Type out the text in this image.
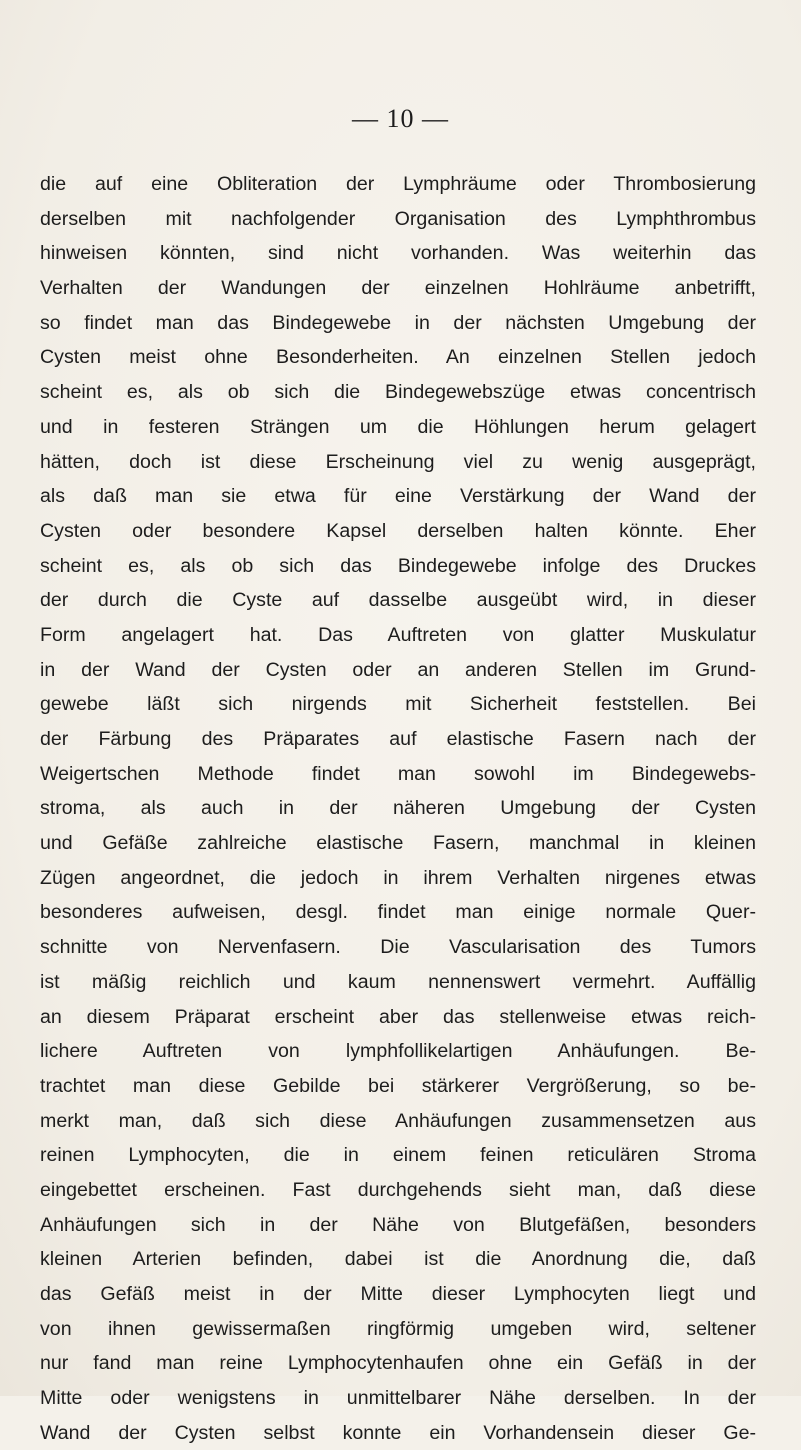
— 10 —
die auf eine Obliteration der Lymphräume oder Thrombosierung
derselben mit nachfolgender Organisation des Lymphthrombus
hinweisen könnten, sind nicht vorhanden. Was weiterhin das
Verhalten der Wandungen der einzelnen Hohlräume anbetrifft,
so findet man das Bindegewebe in der nächsten Umgebung der
Cysten meist ohne Besonderheiten. An einzelnen Stellen jedoch
scheint es, als ob sich die Bindegewebszüge etwas concentrisch
und in festeren Strängen um die Höhlungen herum gelagert
hätten, doch ist diese Erscheinung viel zu wenig ausgeprägt,
als daß man sie etwa für eine Verstärkung der Wand der
Cysten oder besondere Kapsel derselben halten könnte. Eher
scheint es, als ob sich das Bindegewebe infolge des Druckes
der durch die Cyste auf dasselbe ausgeübt wird, in dieser
Form angelagert hat. Das Auftreten von glatter Muskulatur
in der Wand der Cysten oder an anderen Stellen im Grund-
gewebe läßt sich nirgends mit Sicherheit feststellen. Bei
der Färbung des Präparates auf elastische Fasern nach der
Weigertschen Methode findet man sowohl im Bindegewebs-
stroma, als auch in der näheren Umgebung der Cysten
und Gefäße zahlreiche elastische Fasern, manchmal in kleinen
Zügen angeordnet, die jedoch in ihrem Verhalten nirgenes etwas
besonderes aufweisen, desgl. findet man einige normale Quer-
schnitte von Nervenfasern. Die Vascularisation des Tumors
ist mäßig reichlich und kaum nennenswert vermehrt. Auffällig
an diesem Präparat erscheint aber das stellenweise etwas reich-
lichere Auftreten von lymphfollikelartigen Anhäufungen. Be-
trachtet man diese Gebilde bei stärkerer Vergrößerung, so be-
merkt man, daß sich diese Anhäufungen zusammensetzen aus
reinen Lymphocyten, die in einem feinen reticulären Stroma
eingebettet erscheinen. Fast durchgehends sieht man, daß diese
Anhäufungen sich in der Nähe von Blutgefäßen, besonders
kleinen Arterien befinden, dabei ist die Anordnung die, daß
das Gefäß meist in der Mitte dieser Lymphocyten liegt und
von ihnen gewissermaßen ringförmig umgeben wird, seltener
nur fand man reine Lymphocytenhaufen ohne ein Gefäß in der
Mitte oder wenigstens in unmittelbarer Nähe derselben. In der
Wand der Cysten selbst konnte ein Vorhandensein dieser Ge-
